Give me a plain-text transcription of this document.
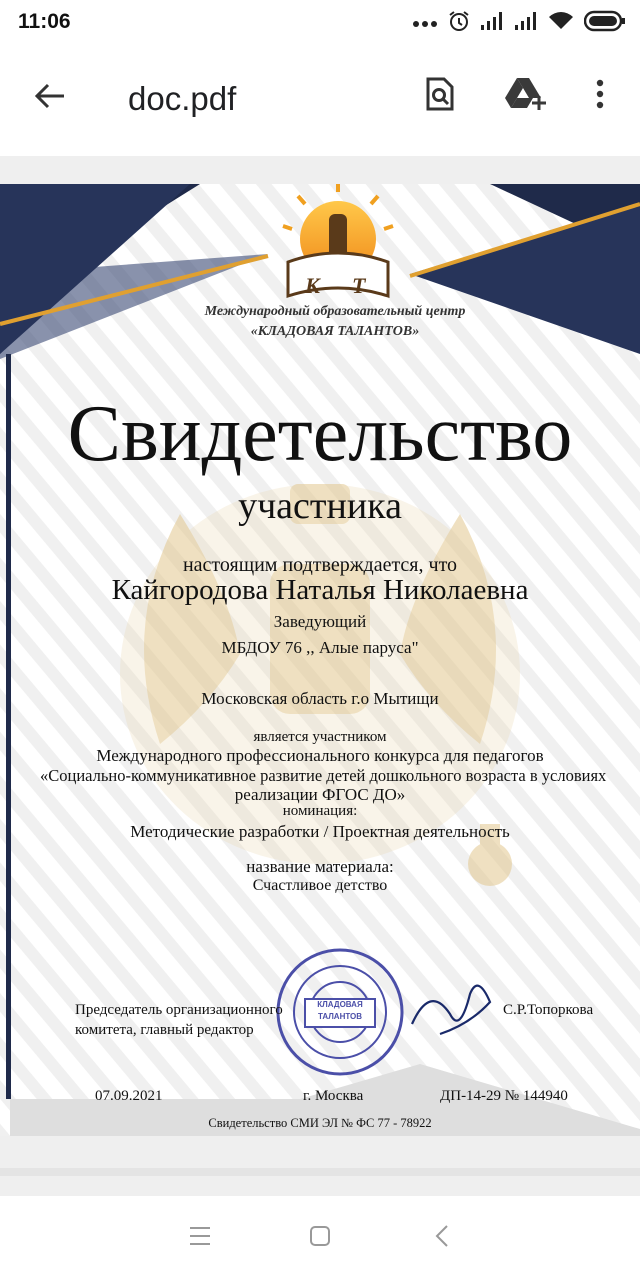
11:06
doc.pdf
К Т
Международный образовательный центр
«КЛАДОВАЯ ТАЛАНТОВ»
Свидетельство
участника
настоящим подтверждается, что
Кайгородова Наталья Николаевна
Заведующий
МБДОУ 76 ,, Алые паруса"
Московская область г.о Мытищи
является участником
Международного профессионального конкурса для педагогов
«Социально-коммуникативное развитие детей дошкольного возраста в условиях
реализации ФГОС ДО»
номинация:
Методические разработки / Проектная деятельность
название материала:
Счастливое детство
Председатель организационного
комитета, главный редактор
КЛАДОВАЯ
ТАЛАНТОВ	С.Р.Топоркова
07.09.2021	г. Москва	ДП-14-29 № 144940
Свидетельство СМИ ЭЛ № ФС 77 - 78922
